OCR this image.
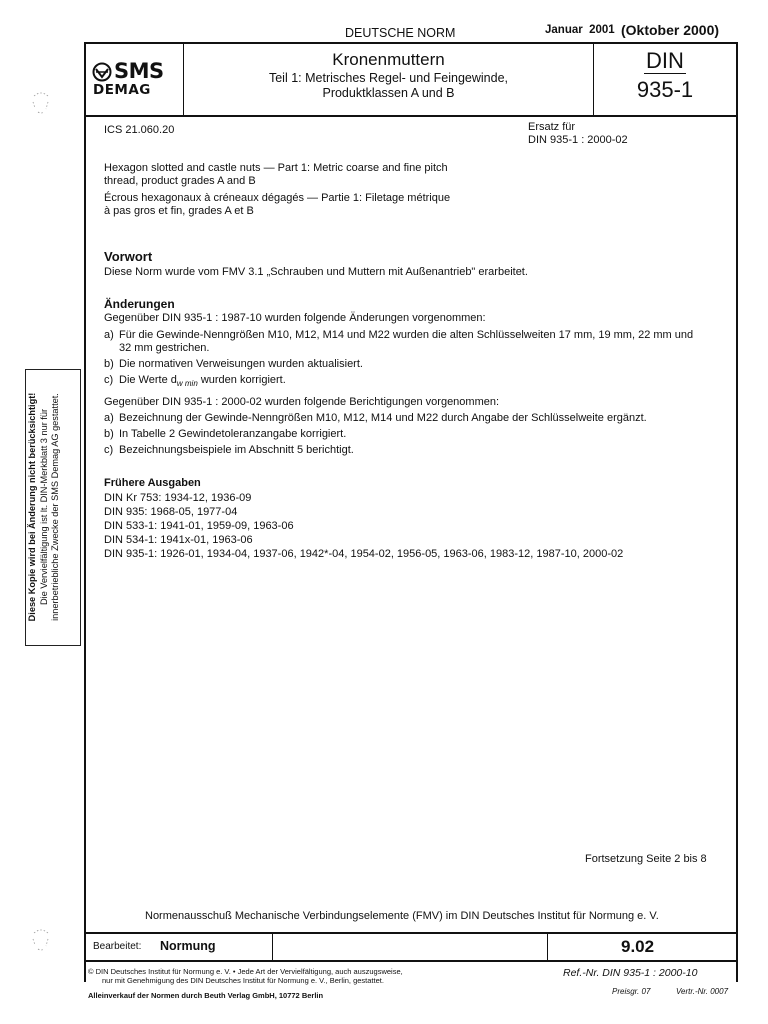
DEUTSCHE NORM	Januar  2001 (Oktober 2000)
SMS
DEMAG
Kronenmuttern
Teil 1: Metrisches Regel- und Feingewinde,
Produktklassen A und B
DIN
935-1
ICS 21.060.20	Ersatz für
DIN 935-1 : 2000-02
Hexagon slotted and castle nuts — Part 1: Metric coarse and fine pitch
thread, product grades A and B
Écrous hexagonaux à créneaux dégagés — Partie 1: Filetage métrique
à pas gros et fin, grades A et B
Vorwort
Diese Norm wurde vom FMV 3.1 „Schrauben und Muttern mit Außenantrieb" erarbeitet.
Änderungen
Gegenüber DIN 935-1 : 1987-10 wurden folgende Änderungen vorgenommen:
a) Für die Gewinde-Nenngrößen M10, M12, M14 und M22 wurden die alten Schlüsselweiten 17 mm, 19 mm, 22 mm und
32 mm gestrichen.
b) Die normativen Verweisungen wurden aktualisiert.
c) Die Werte $d_{w min}$ wurden korrigiert.
Gegenüber DIN 935-1 : 2000-02 wurden folgende Berichtigungen vorgenommen:
a) Bezeichnung der Gewinde-Nenngrößen M10, M12, M14 und M22 durch Angabe der Schlüsselweite ergänzt.
b) In Tabelle 2 Gewindetoleranzangabe korrigiert.
c) Bezeichnungsbeispiele im Abschnitt 5 berichtigt.
Frühere Ausgaben
DIN Kr 753: 1934-12, 1936-09
DIN 935: 1968-05, 1977-04
DIN 533-1: 1941-01, 1959-09, 1963-06
DIN 534-1: 1941x-01, 1963-06
DIN 935-1: 1926-01, 1934-04, 1937-06, 1942*-04, 1954-02, 1956-05, 1963-06, 1983-12, 1987-10, 2000-02
Fortsetzung Seite 2 bis 8
Normenausschuß Mechanische Verbindungselemente (FMV) im DIN Deutsches Institut für Normung e. V.
Bearbeitet: Normung	9.02
© DIN Deutsches Institut für Normung e. V. • Jede Art der Vervielfältigung, auch auszugsweise,
nur mit Genehmigung des DIN Deutsches Institut für Normung e. V., Berlin, gestattet.
Alleinverkauf der Normen durch Beuth Verlag GmbH, 10772 Berlin
Ref.-Nr. DIN 935-1 : 2000-10
Preisgr. 07	Vertr.-Nr. 0007
Diese Kopie wird bei Änderung nicht berücksichtigt! Die Vervielfältigung ist lt. DIN-Merkblatt 3 nur für innerbetriebliche Zwecke der SMS Demag AG gestattet.
